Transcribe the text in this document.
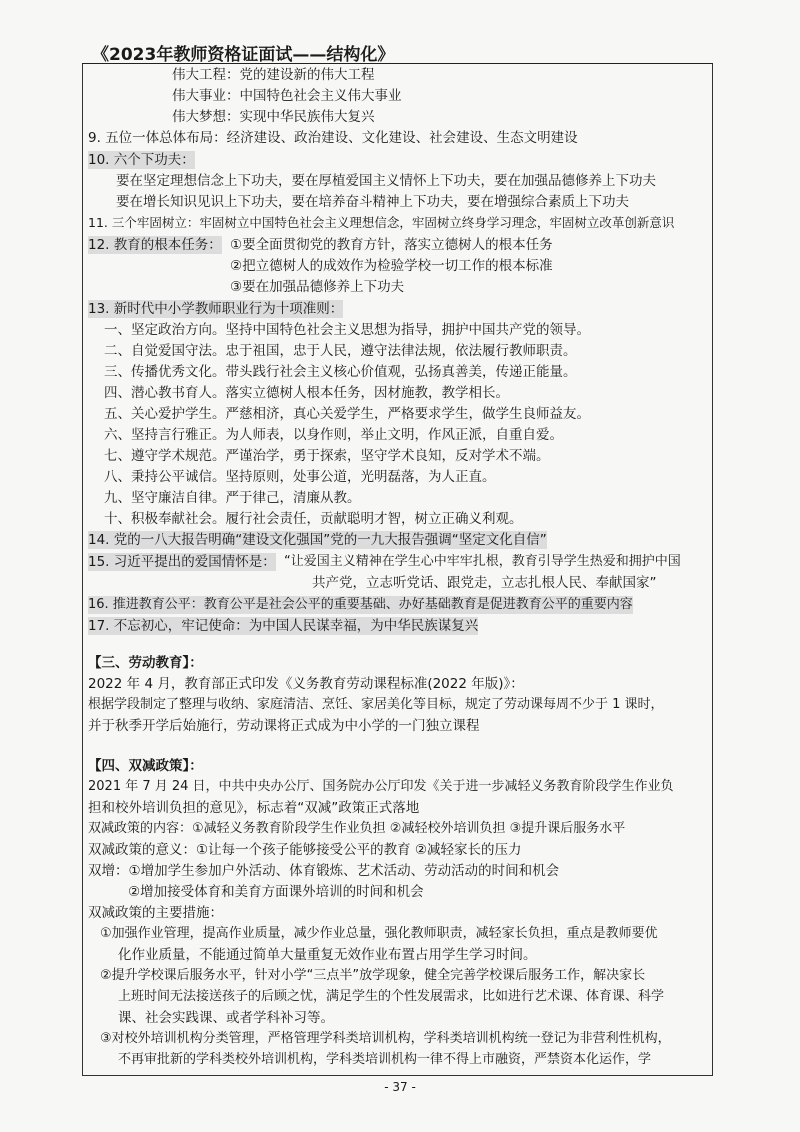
《2023年教师资格证面试——结构化》
伟大工程：党的建设新的伟大工程
伟大事业：中国特色社会主义伟大事业
伟大梦想：实现中华民族伟大复兴
9. 五位一体总体布局：经济建设、政治建设、文化建设、社会建设、生态文明建设
10. 六个下功夫：
要在坚定理想信念上下功夫，要在厚植爱国主义情怀上下功夫，要在加强品德修养上下功夫
要在增长知识见识上下功夫，要在培养奋斗精神上下功夫，要在增强综合素质上下功夫
11. 三个牢固树立：牢固树立中国特色社会主义理想信念，牢固树立终身学习理念，牢固树立改革创新意识
12. 教育的根本任务： ①要全面贯彻党的教育方针，落实立德树人的根本任务
②把立德树人的成效作为检验学校一切工作的根本标准
③要在加强品德修养上下功夫
13. 新时代中小学教师职业行为十项准则：
一、坚定政治方向。坚持中国特色社会主义思想为指导，拥护中国共产党的领导。
二、自觉爱国守法。忠于祖国，忠于人民，遵守法律法规，依法履行教师职责。
三、传播优秀文化。带头践行社会主义核心价值观，弘扬真善美，传递正能量。
四、潜心教书育人。落实立德树人根本任务，因材施教，教学相长。
五、关心爱护学生。严慈相济，真心关爱学生，严格要求学生，做学生良师益友。
六、坚持言行雅正。为人师表，以身作则，举止文明，作风正派，自重自爱。
七、遵守学术规范。严谨治学，勇于探索，坚守学术良知，反对学术不端。
八、秉持公平诚信。坚持原则，处事公道，光明磊落，为人正直。
九、坚守廉洁自律。严于律己，清廉从教。
十、积极奉献社会。履行社会责任，贡献聪明才智，树立正确义利观。
14. 党的一八大报告明确“建设文化强国”党的一九大报告强调“坚定文化自信”
15. 习近平提出的爱国情怀是： “让爱国主义精神在学生心中牢牢扎根，教育引导学生热爱和拥护中国
共产党，立志听党话、跟党走，立志扎根人民、奉献国家”
16. 推进教育公平：教育公平是社会公平的重要基础、办好基础教育是促进教育公平的重要内容
17. 不忘初心，牢记使命：为中国人民谋幸福，为中华民族谋复兴
【三、劳动教育】：
2022 年 4 月，教育部正式印发《义务教育劳动课程标准(2022 年版)》：
根据学段制定了整理与收纳、家庭清洁、烹饪、家居美化等目标，规定了劳动课每周不少于 1 课时，
并于秋季开学后始施行，劳动课将正式成为中小学的一门独立课程
【四、双减政策】：
2021 年 7 月 24 日，中共中央办公厅、国务院办公厅印发《关于进一步减轻义务教育阶段学生作业负
担和校外培训负担的意见》，标志着“双减”政策正式落地
双减政策的内容：①减轻义务教育阶段学生作业负担 ②减轻校外培训负担 ③提升课后服务水平
双减政策的意义：①让每一个孩子能够接受公平的教育 ②减轻家长的压力
双增：①增加学生参加户外活动、体育锻炼、艺术活动、劳动活动的时间和机会
②增加接受体育和美育方面课外培训的时间和机会
双减政策的主要措施：
①加强作业管理，提高作业质量，减少作业总量，强化教师职责，减轻家长负担，重点是教师要优
化作业质量，不能通过简单大量重复无效作业布置占用学生学习时间。
②提升学校课后服务水平，针对小学“三点半”放学现象，健全完善学校课后服务工作，解决家长
上班时间无法接送孩子的后顾之忧，满足学生的个性发展需求，比如进行艺术课、体育课、科学
课、社会实践课、或者学科补习等。
③对校外培训机构分类管理，严格管理学科类培训机构，学科类培训机构统一登记为非营利性机构，
不再审批新的学科类校外培训机构，学科类培训机构一律不得上市融资，严禁资本化运作，学
- 37 -
